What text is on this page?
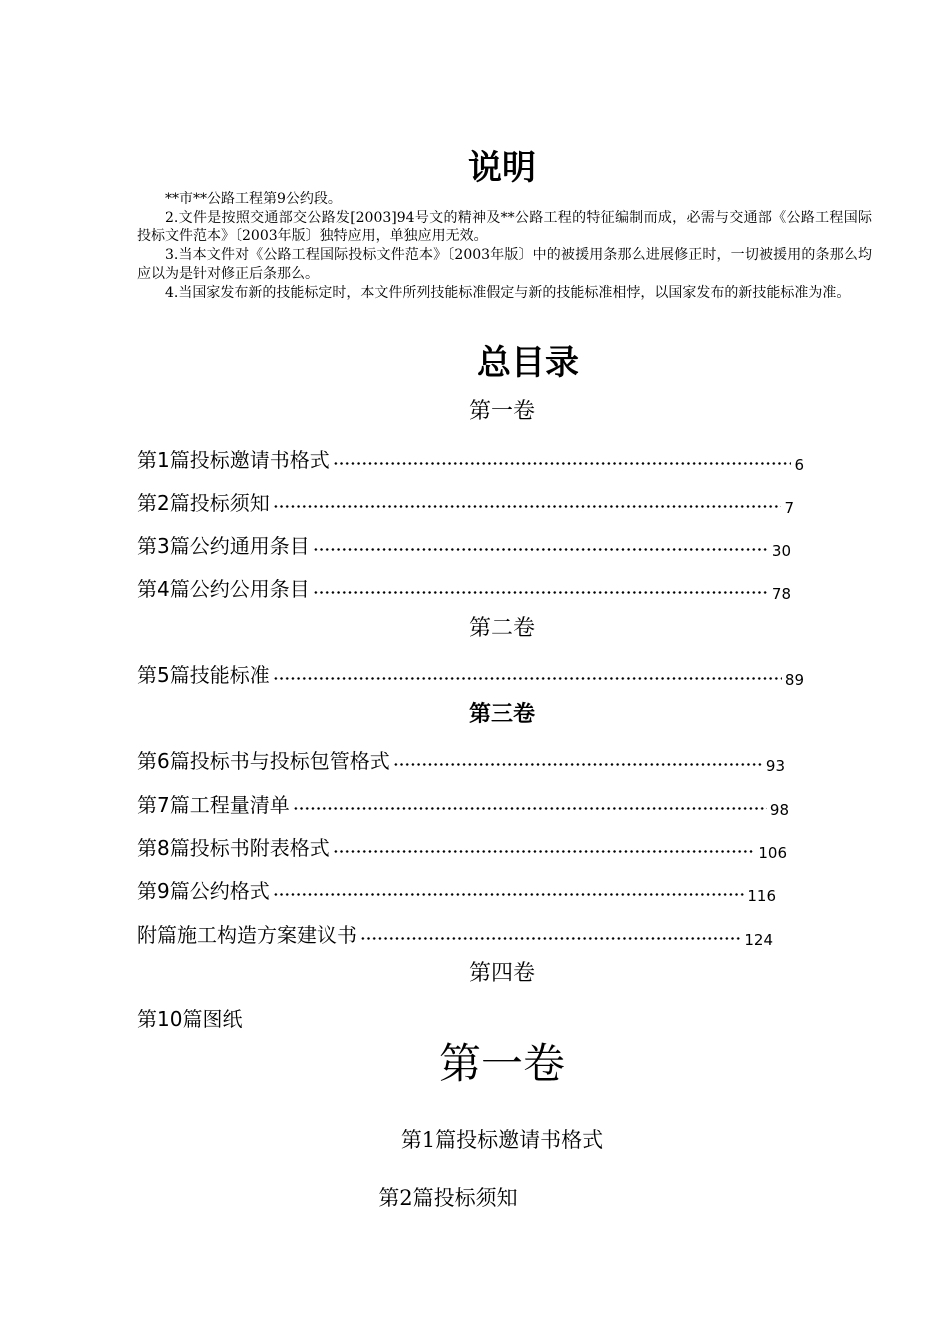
说明

**市**公路工程第9公约段。

2.文件是按照交通部交公路发[2003]94号文的精神及**公路工程的特征编制而成，必需与交通部《公路工程国际投标文件范本》〔2003年版〕独特应用，单独应用无效。

3.当本文件对《公路工程国际投标文件范本》〔2003年版〕中的被援用条那么进展修正时，一切被援用的条那么均应以为是针对修正后条那么。

4.当国家发布新的技能标定时，本文件所列技能标准假定与新的技能标准相悖，以国家发布的新技能标准为准。

总目录
第一卷
第1篇投标邀请书格式	6
第2篇投标须知	7
第3篇公约通用条目	30
第4篇公约公用条目	78
第二卷
第5篇技能标准	89
第三卷
第6篇投标书与投标包管格式	93
第7篇工程量清单	98
第8篇投标书附表格式	106
第9篇公约格式	116
附篇施工构造方案建议书	124
第四卷
第10篇图纸
第一卷
第1篇投标邀请书格式
第2篇投标须知
